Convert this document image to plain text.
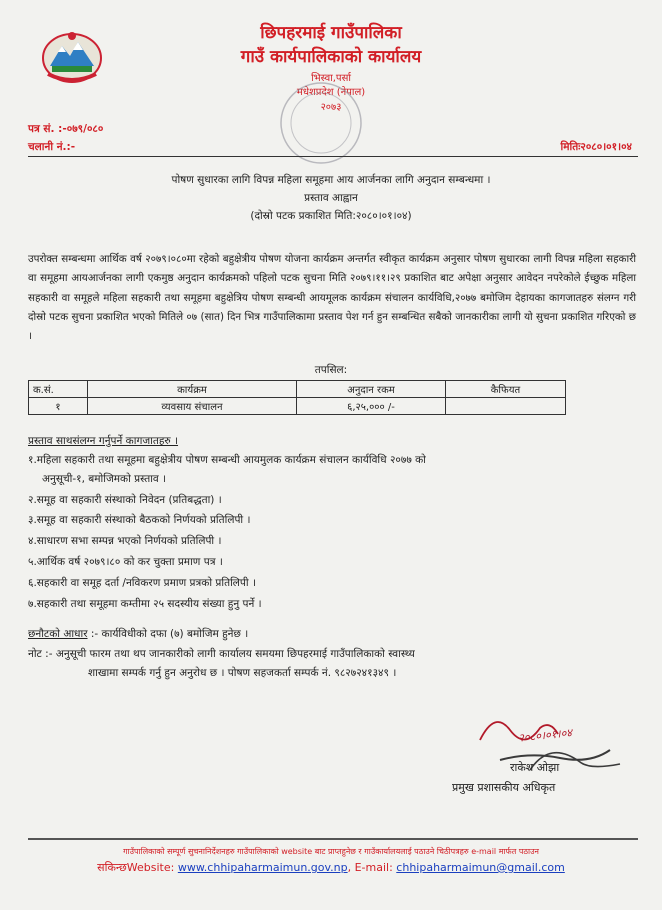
छिपहरमाई गाउँपालिका
गाउँ कार्यपालिकाको कार्यालय
भिस्वा,पर्सा
मधेशप्रदेश (नेपाल)
२०७३
पत्र सं. :-०७९/०८०
चलानी नं.:-	मितिः२०८०।०१।०४
पोषण सुधारका लागि विपन्न महिला समूहमा आय आर्जनका लागि अनुदान सम्बन्धमा ।
प्रस्ताव आह्वान
(दोस्रो पटक प्रकाशित मिति:२०८०।०१।०४)
उपरोक्त सम्बन्धमा आर्थिक वर्ष २०७९।०८०मा रहेको बहुक्षेत्रीय पोषण योजना कार्यक्रम अन्तर्गत स्वीकृत कार्यक्रम अनुसार पोषण सुधारका लागी विपन्न महिला सहकारी वा समूहमा आयआर्जनका लागी एकमुष्ठ अनुदान कार्यक्रमको पहिलो पटक सुचना मिति २०७९।११।२९ प्रकाशित बाट अपेक्षा अनुसार आवेदन नपरेकोले ईच्छुक महिला सहकारी वा समूहले महिला सहकारी तथा समूहमा बहुक्षेत्रिय पोषण सम्बन्धी आयमूलक कार्यक्रम संचालन कार्यविधि,२०७७ बमोजिम देहायका कागजातहरु संलग्न गरी दोस्रो पटक सुचना प्रकाशित भएको मितिले ०७ (सात) दिन भित्र गाउँपालिकामा प्रस्ताव पेश गर्न हुन सम्बन्धित सबैको जानकारीका लागी यो सुचना प्रकाशित गरिएको छ ।
तपसिल:
क.सं.	कार्यक्रम	अनुदान रकम	कैफियत
१	व्यवसाय संचालन	६,२५,००० /-	
प्रस्ताव साथसंलग्न गर्नुपर्ने कागजातहरु ।
१.महिला सहकारी तथा समूहमा बहुक्षेत्रीय पोषण सम्बन्धी आयमुलक कार्यक्रम संचालन कार्यविधि २०७७ को
अनुसूची-१, बमोजिमको प्रस्ताव ।
२.समूह वा सहकारी संस्थाको निवेदन (प्रतिबद्धता) ।
३.समूह वा सहकारी संस्थाको बैठकको निर्णयको प्रतिलिपी ।
४.साधारण सभा सम्पन्न भएको निर्णयको प्रतिलिपी ।
५.आर्थिक वर्ष २०७९।८० को कर चुक्ता प्रमाण पत्र ।
६.सहकारी वा समूह दर्ता /नविकरण प्रमाण प्रत्रको प्रतिलिपी ।
७.सहकारी तथा समूहमा कम्तीमा २५ सदस्यीय संख्या हुनु पर्ने ।
छनौटको आधार :- कार्यविधीको दफा (७) बमोजिम हुनेछ ।
नोट :- अनुसूची फारम तथा थप जानकारीको लागी कार्यालय समयमा छिपहरमाई गाउँपालिकाको स्वास्थ्य
शाखामा सम्पर्क गर्नु हुन अनुरोध छ । पोषण सहजकर्ता सम्पर्क नं. ९८२७२४१३४९ ।
२०८०।०१।०४
राकेश ओझा
प्रमुख प्रशासकीय अधिकृत
गाउँपालिकाको सम्पूर्ण सुचनानिर्देशनहरु गाउँपालिकाको website बाट प्राप्तहुनेछ र गाउँकार्यालयलाई पठाउने चिठीपत्रहरु e-mail मार्फत पठाउन
सकिन्छWebsite: www.chhipaharmaimun.gov.np, E-mail: chhipaharmaimun@gmail.com
